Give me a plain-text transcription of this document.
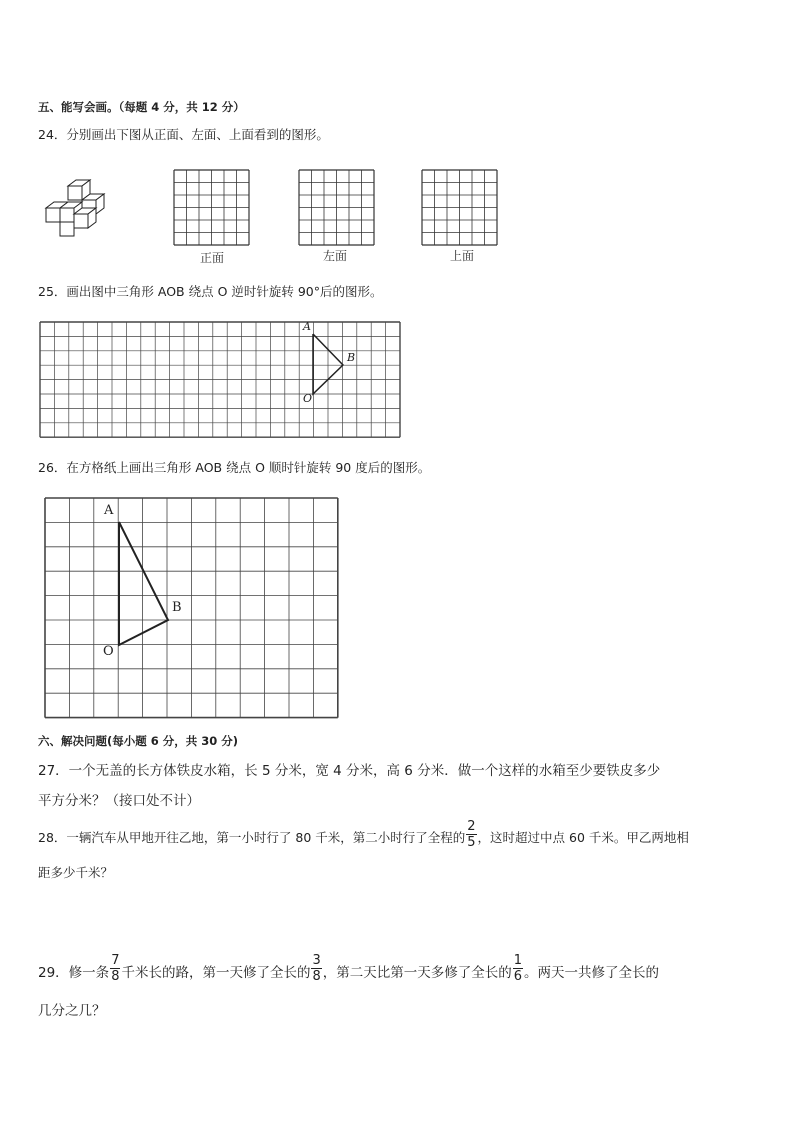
五、能写会画。（每题 4 分，共 12 分）
24．分别画出下图从正面、左面、上面看到的图形。
正面	左面	上面
25．画出图中三角形 AOB 绕点 O 逆时针旋转 90°后的图形。
A
B
O
26．在方格纸上画出三角形 AOB 绕点 O 顺时针旋转 90 度后的图形。
A
B
O
六、解决问题(每小题 6 分，共 30 分)
27．一个无盖的长方体铁皮水箱，长 5 分米，宽 4 分米，高 6 分米．做一个这样的水箱至少要铁皮多少
平方分米？（接口处不计）
28．一辆汽车从甲地开往乙地，第一小时行了 80 千米，第二小时行了全程的 $\frac{2}{5}$ ，这时超过中点 60 千米。甲乙两地相
距多少千米？
29．修一条 $\frac{7}{8}$ 千米长的路，第一天修了全长的 $\frac{3}{8}$ ，第二天比第一天多修了全长的 $\frac{1}{6}$ 。两天一共修了全长的
几分之几？
